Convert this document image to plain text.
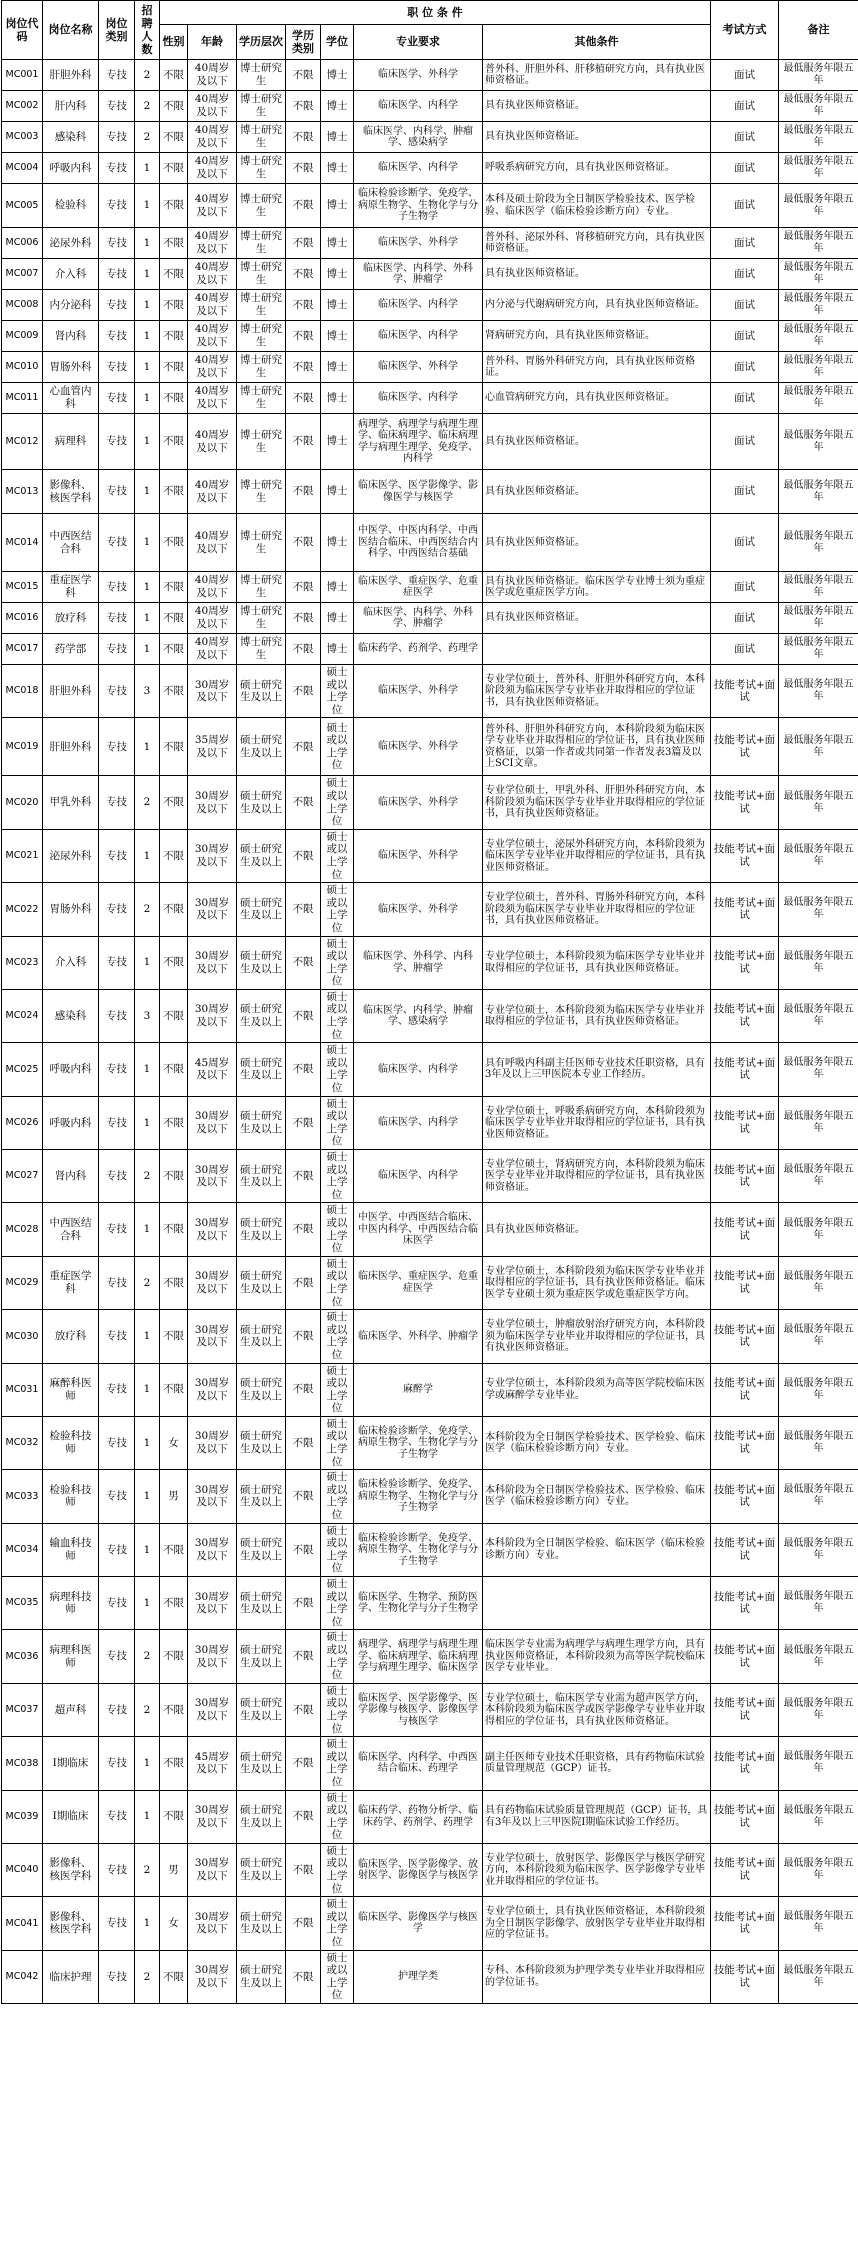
岗位代码	岗位名称	岗位类别	招聘人数	职 位 条 件							考试方式	备注
				性别	年龄	学历层次	学历类别	学位	专业要求	其他条件		
MC001	肝胆外科	专技	2	不限	40周岁及以下	博士研究生	不限	博士	临床医学、外科学	普外科、肝胆外科、肝移植研究方向，具有执业医师资格证。	面试	最低服务年限五年
MC002	肝内科	专技	2	不限	40周岁及以下	博士研究生	不限	博士	临床医学、内科学	具有执业医师资格证。	面试	最低服务年限五年
MC003	感染科	专技	2	不限	40周岁及以下	博士研究生	不限	博士	临床医学、内科学、肿瘤学、感染病学	具有执业医师资格证。	面试	最低服务年限五年
MC004	呼吸内科	专技	1	不限	40周岁及以下	博士研究生	不限	博士	临床医学、内科学	呼吸系病研究方向，具有执业医师资格证。	面试	最低服务年限五年
MC005	检验科	专技	1	不限	40周岁及以下	博士研究生	不限	博士	临床检验诊断学、免疫学、病原生物学、生物化学与分子生物学	本科及硕士阶段为全日制医学检验技术、医学检验、临床医学（临床检验诊断方向）专业。	面试	最低服务年限五年
MC006	泌尿外科	专技	1	不限	40周岁及以下	博士研究生	不限	博士	临床医学、外科学	普外科、泌尿外科、肾移植研究方向，具有执业医师资格证。	面试	最低服务年限五年
MC007	介入科	专技	1	不限	40周岁及以下	博士研究生	不限	博士	临床医学、内科学、外科学、肿瘤学	具有执业医师资格证。	面试	最低服务年限五年
MC008	内分泌科	专技	1	不限	40周岁及以下	博士研究生	不限	博士	临床医学、内科学	内分泌与代谢病研究方向，具有执业医师资格证。	面试	最低服务年限五年
MC009	肾内科	专技	1	不限	40周岁及以下	博士研究生	不限	博士	临床医学、内科学	肾病研究方向，具有执业医师资格证。	面试	最低服务年限五年
MC010	胃肠外科	专技	1	不限	40周岁及以下	博士研究生	不限	博士	临床医学、外科学	普外科、胃肠外科研究方向，具有执业医师资格证。	面试	最低服务年限五年
MC011	心血管内科	专技	1	不限	40周岁及以下	博士研究生	不限	博士	临床医学、内科学	心血管病研究方向，具有执业医师资格证。	面试	最低服务年限五年
MC012	病理科	专技	1	不限	40周岁及以下	博士研究生	不限	博士	病理学、病理学与病理生理学、临床病理学、临床病理学与病理生理学、免疫学、内科学	具有执业医师资格证。	面试	最低服务年限五年
MC013	影像科、核医学科	专技	1	不限	40周岁及以下	博士研究生	不限	博士	临床医学、医学影像学、影像医学与核医学	具有执业医师资格证。	面试	最低服务年限五年
MC014	中西医结合科	专技	1	不限	40周岁及以下	博士研究生	不限	博士	中医学、中医内科学、中西医结合临床、中西医结合内科学、中西医结合基础	具有执业医师资格证。	面试	最低服务年限五年
MC015	重症医学科	专技	1	不限	40周岁及以下	博士研究生	不限	博士	临床医学、重症医学、危重症医学	具有执业医师资格证。临床医学专业博士须为重症医学或危重症医学方向。	面试	最低服务年限五年
MC016	放疗科	专技	1	不限	40周岁及以下	博士研究生	不限	博士	临床医学、内科学、外科学、肿瘤学	具有执业医师资格证。	面试	最低服务年限五年
MC017	药学部	专技	1	不限	40周岁及以下	博士研究生	不限	博士	临床药学、药剂学、药理学		面试	最低服务年限五年
MC018	肝胆外科	专技	3	不限	30周岁及以下	硕士研究生及以上	不限	硕士或以上学位	临床医学、外科学	专业学位硕士，普外科、肝胆外科研究方向，本科阶段须为临床医学专业毕业并取得相应的学位证书，具有执业医师资格证。	技能考试+面试	最低服务年限五年
MC019	肝胆外科	专技	1	不限	35周岁及以下	硕士研究生及以上	不限	硕士或以上学位	临床医学、外科学	普外科、肝胆外科研究方向，本科阶段须为临床医学专业毕业并取得相应的学位证书，具有执业医师资格证，以第一作者或共同第一作者发表3篇及以上SCI文章。	技能考试+面试	最低服务年限五年
MC020	甲乳外科	专技	2	不限	30周岁及以下	硕士研究生及以上	不限	硕士或以上学位	临床医学、外科学	专业学位硕士，甲乳外科、肝胆外科研究方向，本科阶段须为临床医学专业毕业并取得相应的学位证书，具有执业医师资格证。	技能考试+面试	最低服务年限五年
MC021	泌尿外科	专技	1	不限	30周岁及以下	硕士研究生及以上	不限	硕士或以上学位	临床医学、外科学	专业学位硕士，泌尿外科研究方向，本科阶段须为临床医学专业毕业并取得相应的学位证书，具有执业医师资格证。	技能考试+面试	最低服务年限五年
MC022	胃肠外科	专技	2	不限	30周岁及以下	硕士研究生及以上	不限	硕士或以上学位	临床医学、外科学	专业学位硕士，普外科、胃肠外科研究方向，本科阶段须为临床医学专业毕业并取得相应的学位证书，具有执业医师资格证。	技能考试+面试	最低服务年限五年
MC023	介入科	专技	1	不限	30周岁及以下	硕士研究生及以上	不限	硕士或以上学位	临床医学、外科学、内科学、肿瘤学	专业学位硕士，本科阶段须为临床医学专业毕业并取得相应的学位证书，具有执业医师资格证。	技能考试+面试	最低服务年限五年
MC024	感染科	专技	3	不限	30周岁及以下	硕士研究生及以上	不限	硕士或以上学位	临床医学、内科学、肿瘤学、感染病学	专业学位硕士，本科阶段须为临床医学专业毕业并取得相应的学位证书，具有执业医师资格证。	技能考试+面试	最低服务年限五年
MC025	呼吸内科	专技	1	不限	45周岁及以下	硕士研究生及以上	不限	硕士或以上学位	临床医学、内科学	具有呼吸内科副主任医师专业技术任职资格，具有3年及以上三甲医院本专业工作经历。	技能考试+面试	最低服务年限五年
MC026	呼吸内科	专技	1	不限	30周岁及以下	硕士研究生及以上	不限	硕士或以上学位	临床医学、内科学	专业学位硕士，呼吸系病研究方向，本科阶段须为临床医学专业毕业并取得相应的学位证书，具有执业医师资格证。	技能考试+面试	最低服务年限五年
MC027	肾内科	专技	2	不限	30周岁及以下	硕士研究生及以上	不限	硕士或以上学位	临床医学、内科学	专业学位硕士，肾病研究方向，本科阶段须为临床医学专业毕业并取得相应的学位证书，具有执业医师资格证。	技能考试+面试	最低服务年限五年
MC028	中西医结合科	专技	1	不限	30周岁及以下	硕士研究生及以上	不限	硕士或以上学位	中医学、中西医结合临床、中医内科学、中西医结合临床医学	具有执业医师资格证。	技能考试+面试	最低服务年限五年
MC029	重症医学科	专技	2	不限	30周岁及以下	硕士研究生及以上	不限	硕士或以上学位	临床医学、重症医学、危重症医学	专业学位硕士，本科阶段须为临床医学专业毕业并取得相应的学位证书，具有执业医师资格证。临床医学专业硕士须为重症医学或危重症医学方向。	技能考试+面试	最低服务年限五年
MC030	放疗科	专技	1	不限	30周岁及以下	硕士研究生及以上	不限	硕士或以上学位	临床医学、外科学、肿瘤学	专业学位硕士，肿瘤放射治疗研究方向，本科阶段须为临床医学专业毕业并取得相应的学位证书，具有执业医师资格证。	技能考试+面试	最低服务年限五年
MC031	麻醉科医师	专技	1	不限	30周岁及以下	硕士研究生及以上	不限	硕士或以上学位	麻醉学	专业学位硕士，本科阶段须为高等医学院校临床医学或麻醉学专业毕业。	技能考试+面试	最低服务年限五年
MC032	检验科技师	专技	1	女	30周岁及以下	硕士研究生及以上	不限	硕士或以上学位	临床检验诊断学、免疫学、病原生物学、生物化学与分子生物学	本科阶段为全日制医学检验技术、医学检验、临床医学（临床检验诊断方向）专业。	技能考试+面试	最低服务年限五年
MC033	检验科技师	专技	1	男	30周岁及以下	硕士研究生及以上	不限	硕士或以上学位	临床检验诊断学、免疫学、病原生物学、生物化学与分子生物学	本科阶段为全日制医学检验技术、医学检验、临床医学（临床检验诊断方向）专业。	技能考试+面试	最低服务年限五年
MC034	输血科技师	专技	1	不限	30周岁及以下	硕士研究生及以上	不限	硕士或以上学位	临床检验诊断学、免疫学、病原生物学、生物化学与分子生物学	本科阶段为全日制医学检验、临床医学（临床检验诊断方向）专业。	技能考试+面试	最低服务年限五年
MC035	病理科技师	专技	1	不限	30周岁及以下	硕士研究生及以上	不限	硕士或以上学位	临床医学、生物学、预防医学、生物化学与分子生物学		技能考试+面试	最低服务年限五年
MC036	病理科医师	专技	2	不限	30周岁及以下	硕士研究生及以上	不限	硕士或以上学位	病理学、病理学与病理生理学、临床病理学、临床病理学与病理生理学、临床医学	临床医学专业需为病理学与病理生理学方向，具有执业医师资格证，本科阶段须为高等医学院校临床医学专业毕业。	技能考试+面试	最低服务年限五年
MC037	超声科	专技	2	不限	30周岁及以下	硕士研究生及以上	不限	硕士或以上学位	临床医学、医学影像学、医学影像与核医学、影像医学与核医学	专业学位硕士，临床医学专业需为超声医学方向，本科阶段须为临床医学或医学影像学专业毕业并取得相应的学位证书，具有执业医师资格证。	技能考试+面试	最低服务年限五年
MC038	I期临床	专技	1	不限	45周岁及以下	硕士研究生及以上	不限	硕士或以上学位	临床医学、内科学、中西医结合临床、药理学	副主任医师专业技术任职资格，具有药物临床试验质量管理规范（GCP）证书。	技能考试+面试	最低服务年限五年
MC039	I期临床	专技	1	不限	30周岁及以下	硕士研究生及以上	不限	硕士或以上学位	临床药学、药物分析学、临床药学、药剂学、药理学	具有药物临床试验质量管理规范（GCP）证书，具有3年及以上三甲医院I期临床试验工作经历。	技能考试+面试	最低服务年限五年
MC040	影像科、核医学科	专技	2	男	30周岁及以下	硕士研究生及以上	不限	硕士或以上学位	临床医学、医学影像学、放射医学、影像医学与核医学	专业学位硕士，放射医学、影像医学与核医学研究方向，本科阶段须为临床医学、医学影像学专业毕业并取得相应的学位证书。	技能考试+面试	最低服务年限五年
MC041	影像科、核医学科	专技	1	女	30周岁及以下	硕士研究生及以上	不限	硕士或以上学位	临床医学、影像医学与核医学	专业学位硕士，具有执业医师资格证，本科阶段须为全日制医学影像学、放射医学专业毕业并取得相应的学位证书。	技能考试+面试	最低服务年限五年
MC042	临床护理	专技	2	不限	30周岁及以下	硕士研究生及以上	不限	硕士或以上学位	护理学类	专科、本科阶段须为护理学类专业毕业并取得相应的学位证书。	技能考试+面试	最低服务年限五年
